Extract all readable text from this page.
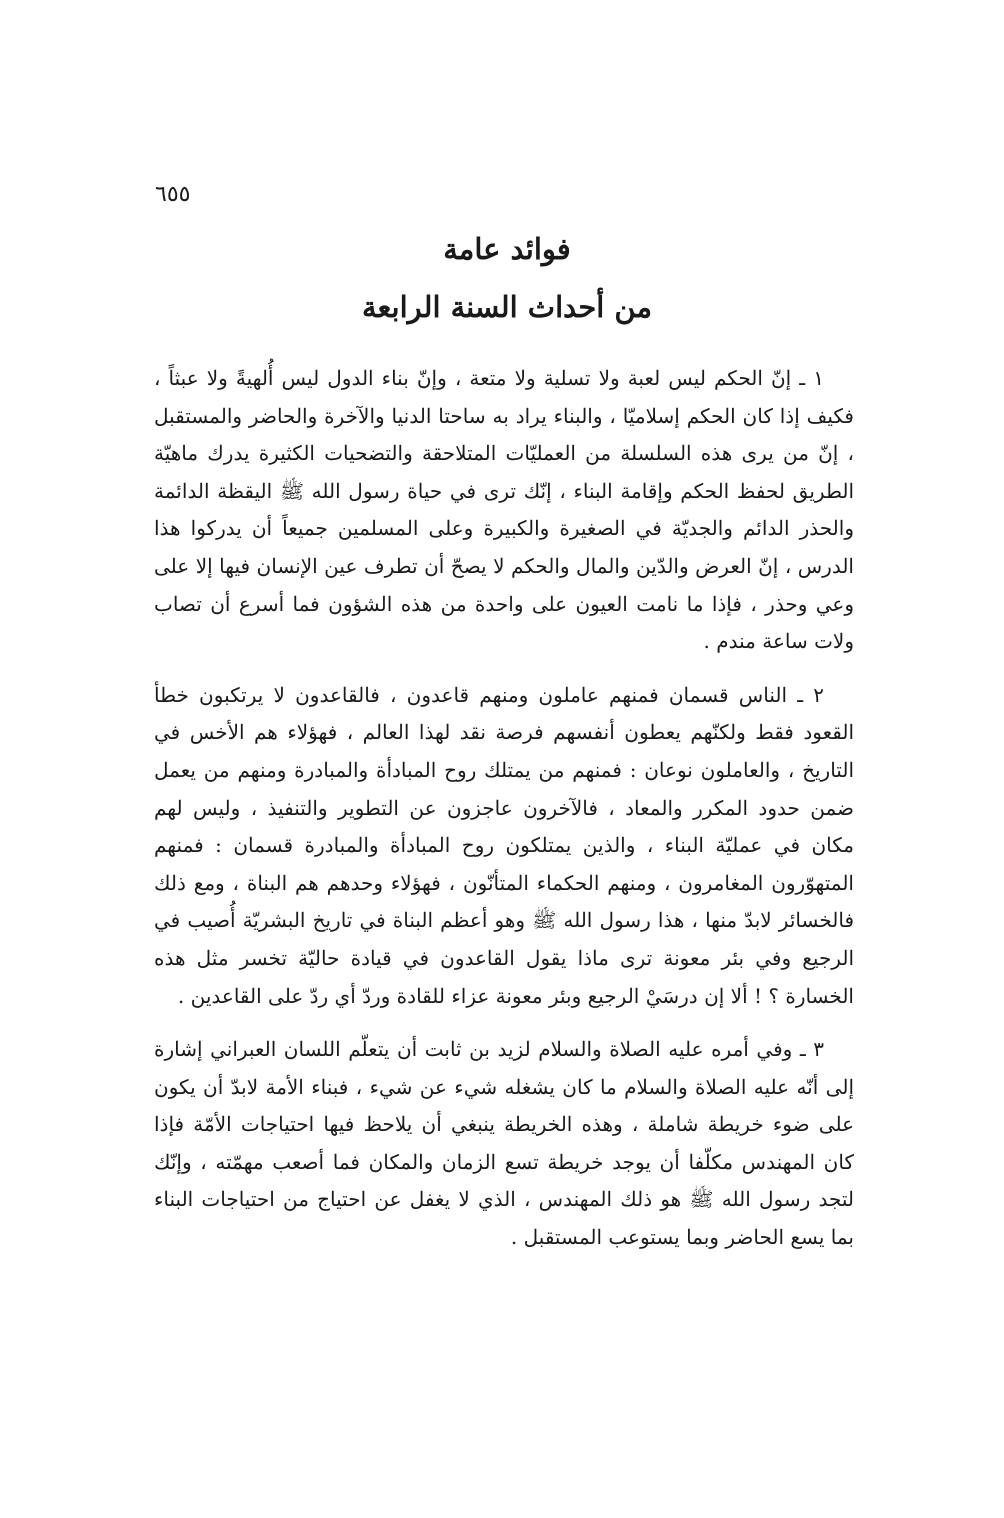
٦٥٥
فوائد عامة
من أحداث السنة الرابعة

١ ـ إنّ الحكم ليس لعبة ولا تسلية ولا متعة ، وإنّ بناء الدول ليس أُلهيةً ولا عبثاً ، فكيف إذا كان الحكم إسلاميّا ، والبناء يراد به ساحتا الدنيا والآخرة والحاضر والمستقبل ، إنّ من يرى هذه السلسلة من العمليّات المتلاحقة والتضحيات الكثيرة يدرك ماهيّة الطريق لحفظ الحكم وإقامة البناء ، إنّك ترى في حياة رسول الله ﷺ اليقظة الدائمة والحذر الدائم والجديّة في الصغيرة والكبيرة وعلى المسلمين جميعاً أن يدركوا هذا الدرس ، إنّ العرض والدّين والمال والحكم لا يصحّ أن تطرف عين الإنسان فيها إلا على وعي وحذر ، فإذا ما نامت العيون على واحدة من هذه الشؤون فما أسرع أن تصاب ولات ساعة مندم .

٢ ـ الناس قسمان فمنهم عاملون ومنهم قاعدون ، فالقاعدون لا يرتكبون خطأ القعود فقط ولكنّهم يعطون أنفسهم فرصة نقد لهذا العالم ، فهؤلاء هم الأخس في التاريخ ، والعاملون نوعان : فمنهم من يمتلك روح المبادأة والمبادرة ومنهم من يعمل ضمن حدود المكرر والمعاد ، فالآخرون عاجزون عن التطوير والتنفيذ ، وليس لهم مكان في عمليّة البناء ، والذين يمتلكون روح المبادأة والمبادرة قسمان : فمنهم المتهوّرون المغامرون ، ومنهم الحكماء المتأنّون ، فهؤلاء وحدهم هم البناة ، ومع ذلك فالخسائر لابدّ منها ، هذا رسول الله ﷺ وهو أعظم البناة في تاريخ البشريّة أُصيب في الرجيع وفي بئر معونة ترى ماذا يقول القاعدون في قيادة حاليّة تخسر مثل هذه الخسارة ؟ ! ألا إن درسَيْ الرجيع وبئر معونة عزاء للقادة وردّ أي ردّ على القاعدين .

٣ ـ وفي أمره عليه الصلاة والسلام لزيد بن ثابت أن يتعلّم اللسان العبراني إشارة إلى أنّه عليه الصلاة والسلام ما كان يشغله شيء عن شيء ، فبناء الأمة لابدّ أن يكون على ضوء خريطة شاملة ، وهذه الخريطة ينبغي أن يلاحظ فيها احتياجات الأمّة فإذا كان المهندس مكلّفا أن يوجد خريطة تسع الزمان والمكان فما أصعب مهمّته ، وإنّك لتجد رسول الله ﷺ هو ذلك المهندس ، الذي لا يغفل عن احتياج من احتياجات البناء بما يسع الحاضر وبما يستوعب المستقبل .
